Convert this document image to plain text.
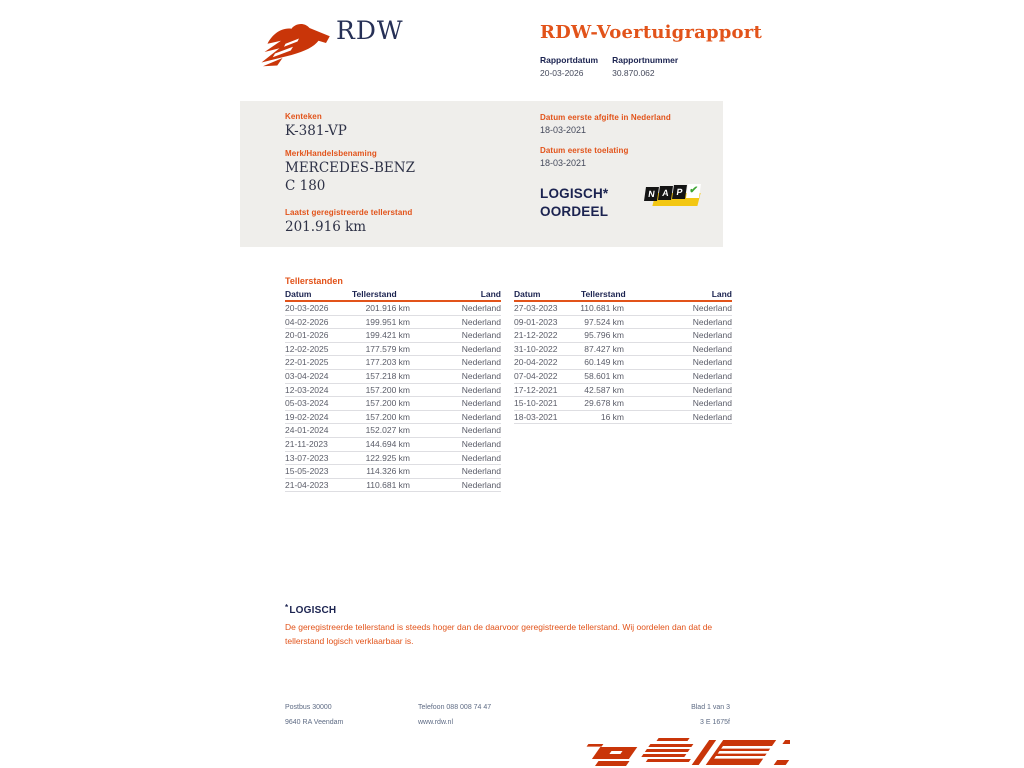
RDW	RDW-Voertuigrapport
Rapportdatum
20-03-2026
Rapportnummer
30.870.062
Kenteken
K-381-VP
Merk/Handelsbenaming
MERCEDES-BENZ C 180
Laatst geregistreerde tellerstand
201.916 km
Datum eerste afgifte in Nederland
18-03-2021
Datum eerste toelating
18-03-2021
LOGISCH*
OORDEEL
N A P ✔
Tellerstanden
Datum	Tellerstand	Land
20-03-2026	201.916 km	Nederland
04-02-2026	199.951 km	Nederland
20-01-2026	199.421 km	Nederland
12-02-2025	177.579 km	Nederland
22-01-2025	177.203 km	Nederland
03-04-2024	157.218 km	Nederland
12-03-2024	157.200 km	Nederland
05-03-2024	157.200 km	Nederland
19-02-2024	157.200 km	Nederland
24-01-2024	152.027 km	Nederland
21-11-2023	144.694 km	Nederland
13-07-2023	122.925 km	Nederland
15-05-2023	114.326 km	Nederland
21-04-2023	110.681 km	Nederland
Datum	Tellerstand	Land
27-03-2023	110.681 km	Nederland
09-01-2023	97.524 km	Nederland
21-12-2022	95.796 km	Nederland
31-10-2022	87.427 km	Nederland
20-04-2022	60.149 km	Nederland
07-04-2022	58.601 km	Nederland
17-12-2021	42.587 km	Nederland
15-10-2021	29.678 km	Nederland
18-03-2021	16 km	Nederland
*LOGISCH
De geregistreerde tellerstand is steeds hoger dan de daarvoor geregistreerde tellerstand. Wij oordelen dan dat de tellerstand logisch verklaarbaar is.
Postbus 30000
9640 RA Veendam
Telefoon 088 008 74 47
www.rdw.nl
Blad 1 van 3
3 E 1675f
